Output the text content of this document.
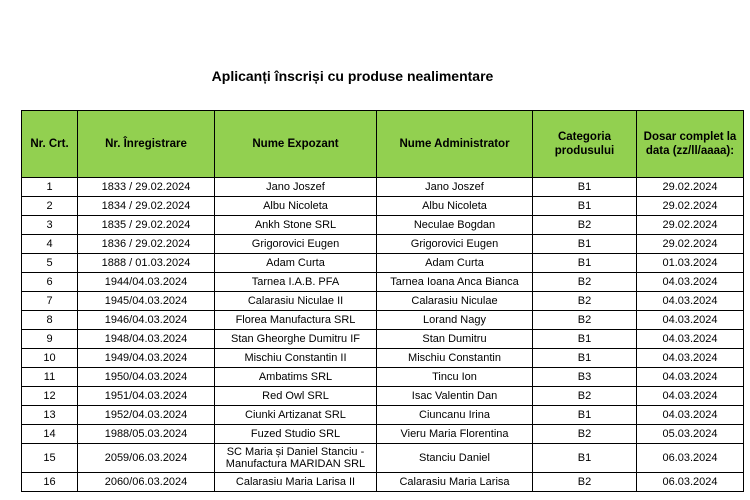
Aplicanți înscriși cu produse nealimentare
Nr. Crt.	Nr. Înregistrare	Nume Expozant	Nume Administrator	Categoria produsului	Dosar complet la data (zz/ll/aaaa):
1	1833 / 29.02.2024	Jano Joszef	Jano Joszef	B1	29.02.2024
2	1834 / 29.02.2024	Albu Nicoleta	Albu Nicoleta	B1	29.02.2024
3	1835 / 29.02.2024	Ankh Stone SRL	Neculae Bogdan	B2	29.02.2024
4	1836 / 29.02.2024	Grigorovici Eugen	Grigorovici Eugen	B1	29.02.2024
5	1888 / 01.03.2024	Adam Curta	Adam Curta	B1	01.03.2024
6	1944/04.03.2024	Tarnea I.A.B. PFA	Tarnea Ioana Anca Bianca	B2	04.03.2024
7	1945/04.03.2024	Calarasiu Niculae II	Calarasiu Niculae	B2	04.03.2024
8	1946/04.03.2024	Florea Manufactura SRL	Lorand Nagy	B2	04.03.2024
9	1948/04.03.2024	Stan Gheorghe Dumitru IF	Stan Dumitru	B1	04.03.2024
10	1949/04.03.2024	Mischiu Constantin II	Mischiu Constantin	B1	04.03.2024
11	1950/04.03.2024	Ambatims SRL	Tincu Ion	B3	04.03.2024
12	1951/04.03.2024	Red Owl SRL	Isac Valentin Dan	B2	04.03.2024
13	1952/04.03.2024	Ciunki Artizanat SRL	Ciuncanu Irina	B1	04.03.2024
14	1988/05.03.2024	Fuzed Studio SRL	Vieru Maria Florentina	B2	05.03.2024
15	2059/06.03.2024	SC Maria și Daniel Stanciu - Manufactura MARIDAN SRL	Stanciu Daniel	B1	06.03.2024
16	2060/06.03.2024	Calarasiu Maria Larisa II	Calarasiu Maria Larisa	B2	06.03.2024
